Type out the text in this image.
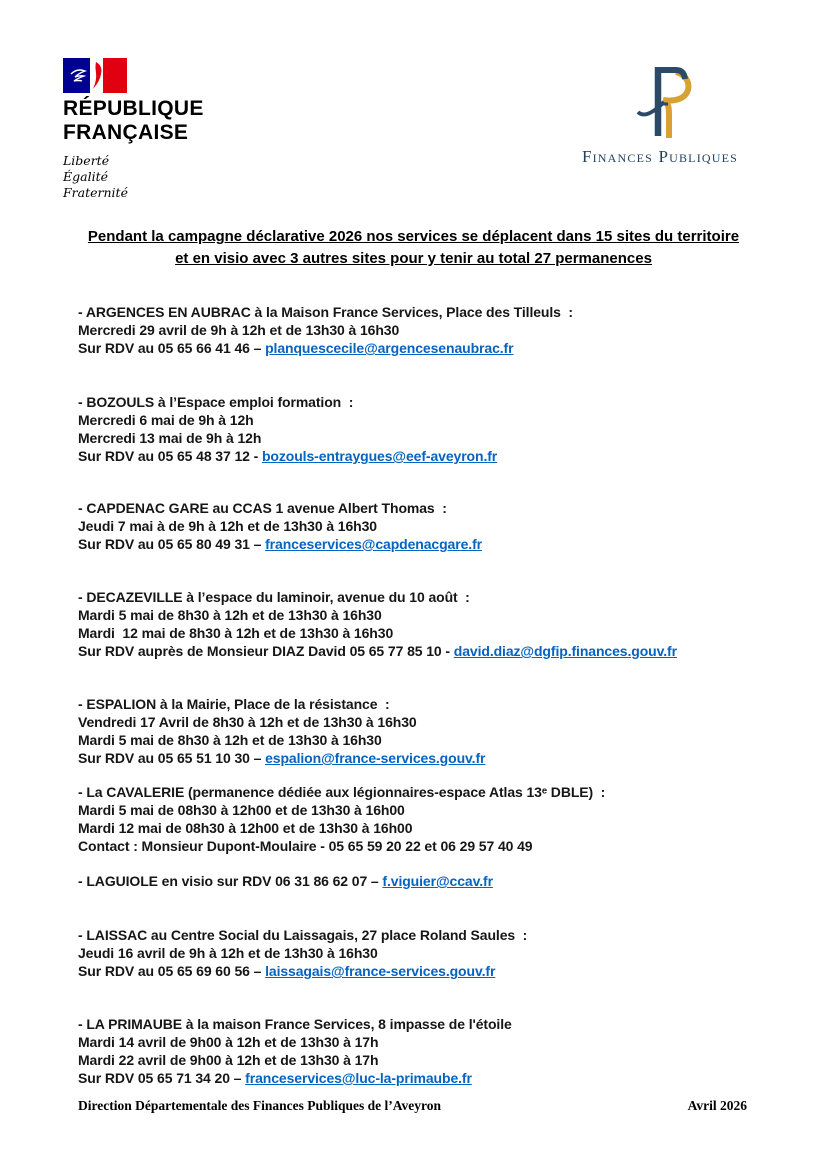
RÉPUBLIQUE
FRANÇAISE
Liberté
Égalité
Fraternité
Finances Publiques

Pendant la campagne déclarative 2026 nos services se déplacent dans 15 sites du territoire

et en visio avec 3 autres sites pour y tenir au total 27 permanences

- ARGENCES EN AUBRAC à la Maison France Services, Place des Tilleuls  :

Mercredi 29 avril de 9h à 12h et de 13h30 à 16h30

Sur RDV au 05 65 66 41 46 – planquescecile@argencesenaubrac.fr

- BOZOULS à l’Espace emploi formation  :

Mercredi 6 mai de 9h à 12h

Mercredi 13 mai de 9h à 12h

Sur RDV au 05 65 48 37 12 - bozouls-entraygues@eef-aveyron.fr

- CAPDENAC GARE au CCAS 1 avenue Albert Thomas  :

Jeudi 7 mai à de 9h à 12h et de 13h30 à 16h30

Sur RDV au 05 65 80 49 31 – franceservices@capdenacgare.fr

- DECAZEVILLE à l’espace du laminoir, avenue du 10 août  :

Mardi 5 mai de 8h30 à 12h et de 13h30 à 16h30

Mardi  12 mai de 8h30 à 12h et de 13h30 à 16h30

Sur RDV auprès de Monsieur DIAZ David 05 65 77 85 10 - david.diaz@dgfip.finances.gouv.fr

- ESPALION à la Mairie, Place de la résistance  :

Vendredi 17 Avril de 8h30 à 12h et de 13h30 à 16h30

Mardi 5 mai de 8h30 à 12h et de 13h30 à 16h30

Sur RDV au 05 65 51 10 30 – espalion@france-services.gouv.fr

- La CAVALERIE (permanence dédiée aux légionnaires-espace Atlas 13ᵉ DBLE)  :

Mardi 5 mai de 08h30 à 12h00 et de 13h30 à 16h00

Mardi 12 mai de 08h30 à 12h00 et de 13h30 à 16h00

Contact : Monsieur Dupont-Moulaire - 05 65 59 20 22 et 06 29 57 40 49

- LAGUIOLE en visio sur RDV 06 31 86 62 07 – f.viguier@ccav.fr

- LAISSAC au Centre Social du Laissagais, 27 place Roland Saules  :

Jeudi 16 avril de 9h à 12h et de 13h30 à 16h30

Sur RDV au 05 65 69 60 56 – laissagais@france-services.gouv.fr

- LA PRIMAUBE à la maison France Services, 8 impasse de l'étoile

Mardi 14 avril de 9h00 à 12h et de 13h30 à 17h

Mardi 22 avril de 9h00 à 12h et de 13h30 à 17h

Sur RDV 05 65 71 34 20 – franceservices@luc-la-primaube.fr

Direction Départementale des Finances Publiques de l’Aveyron	Avril 2026
